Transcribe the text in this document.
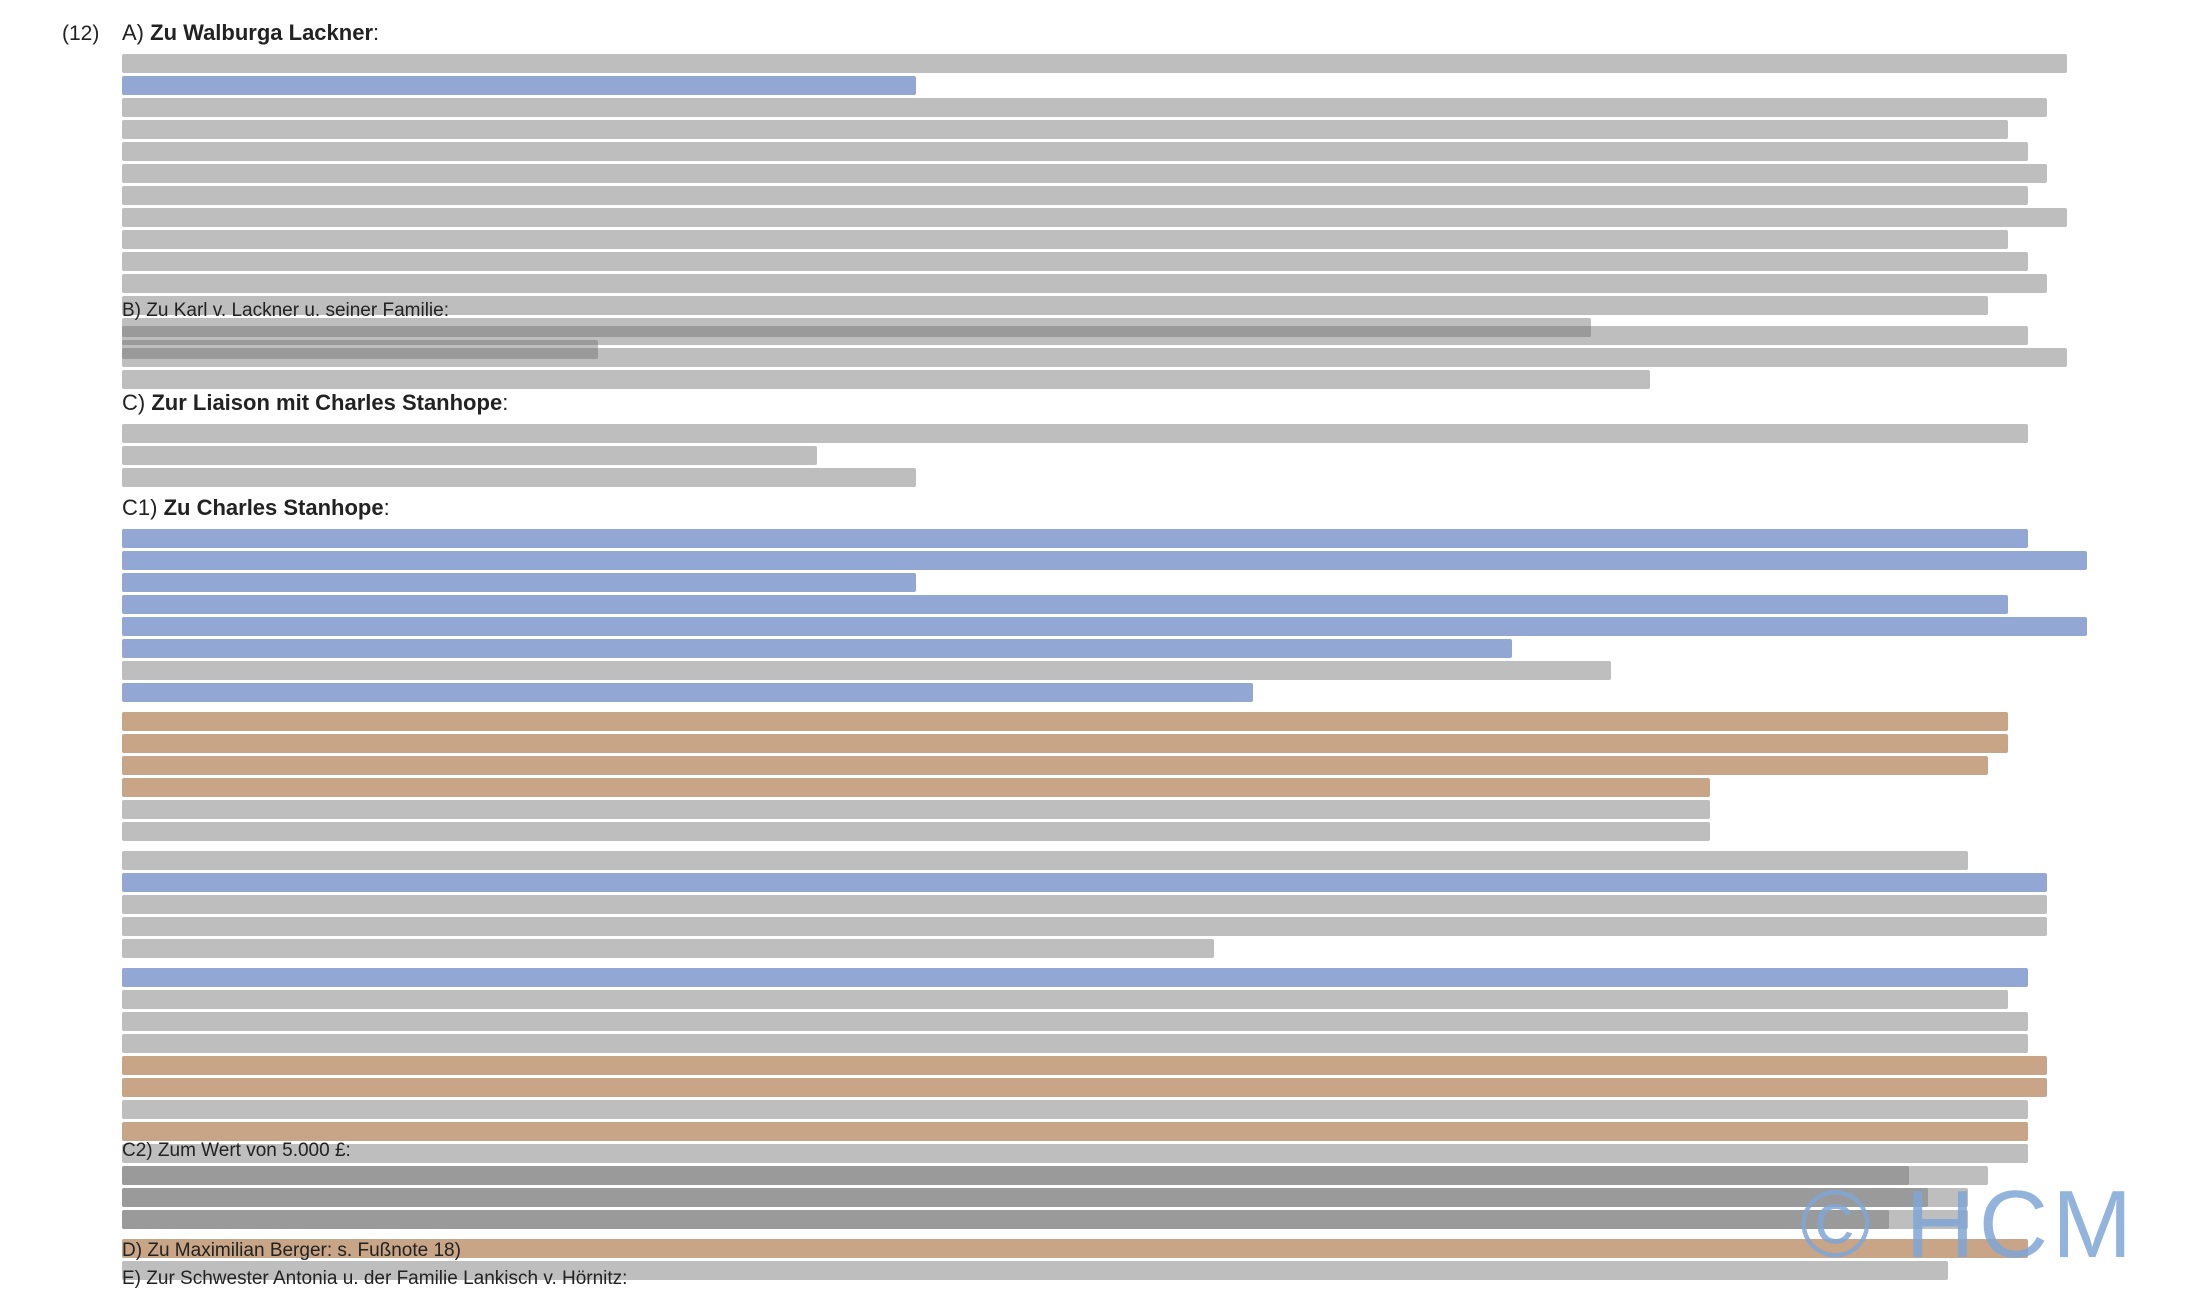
(12) A) Zu Walburga Lackner:
B) Zu Karl v. Lackner u. seiner Familie:
C) Zur Liaison mit Charles Stanhope:
C1) Zu Charles Stanhope:
C2) Zum Wert von 5.000 £:
D) Zu Maximilian Berger: s. Fußnote 18)
E) Zur Schwester Antonia u. der Familie Lankisch v. Hörnitz:
© HCM
